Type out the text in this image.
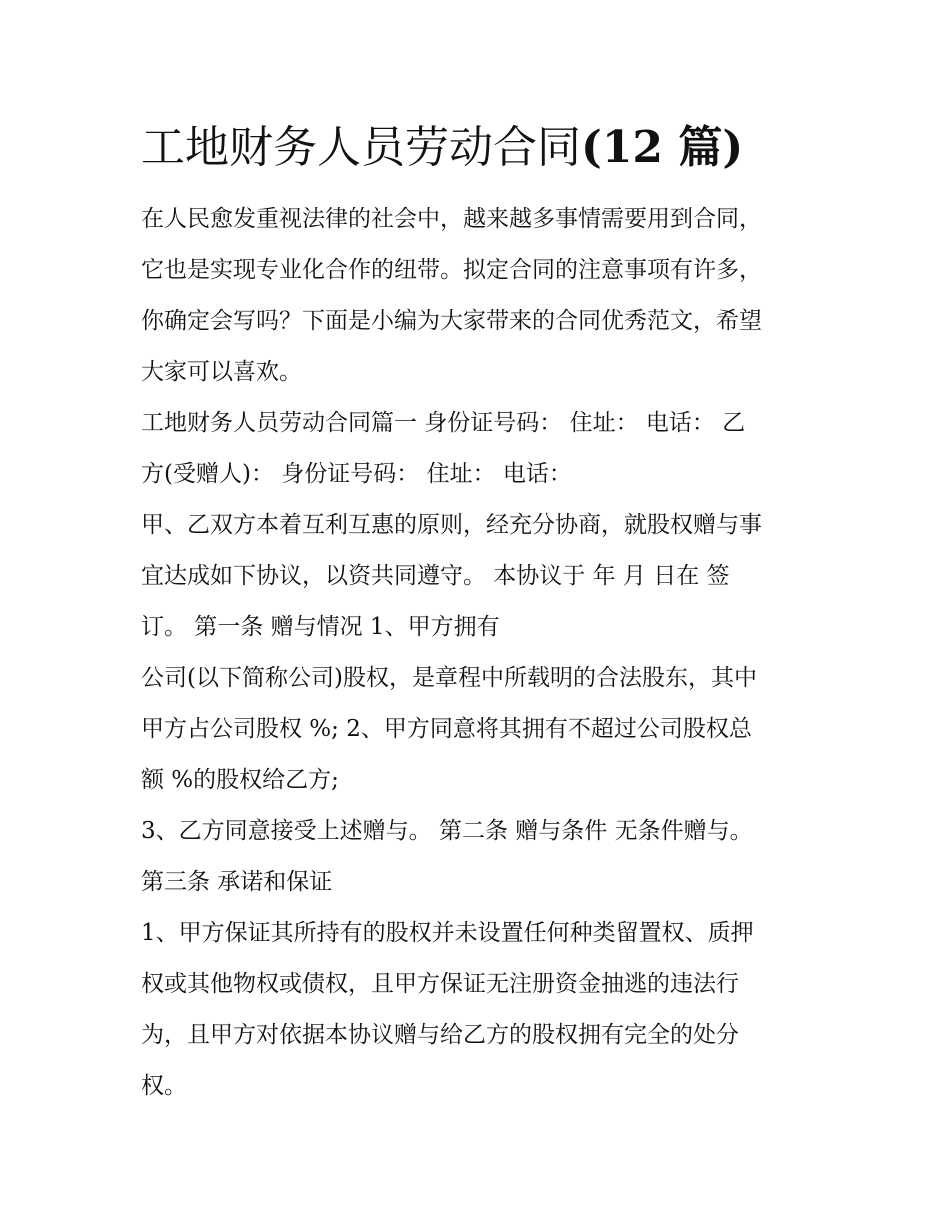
工地财务人员劳动合同(12 篇)
在人民愈发重视法律的社会中，越来越多事情需要用到合同，
它也是实现专业化合作的纽带。拟定合同的注意事项有许多，
你确定会写吗？下面是小编为大家带来的合同优秀范文，希望
大家可以喜欢。
工地财务人员劳动合同篇一 身份证号码： 住址： 电话： 乙
方(受赠人)： 身份证号码： 住址： 电话：
甲、乙双方本着互利互惠的原则，经充分协商，就股权赠与事
宜达成如下协议，以资共同遵守。 本协议于 年 月 日在 签
订。 第一条 赠与情况 1、甲方拥有
公司(以下简称公司)股权，是章程中所载明的合法股东，其中
甲方占公司股权 %; 2、甲方同意将其拥有不超过公司股权总
额 %的股权给乙方;
3、乙方同意接受上述赠与。 第二条 赠与条件 无条件赠与。
第三条 承诺和保证
1、甲方保证其所持有的股权并未设置任何种类留置权、质押
权或其他物权或债权，且甲方保证无注册资金抽逃的违法行
为，且甲方对依据本协议赠与给乙方的股权拥有完全的处分
权。
